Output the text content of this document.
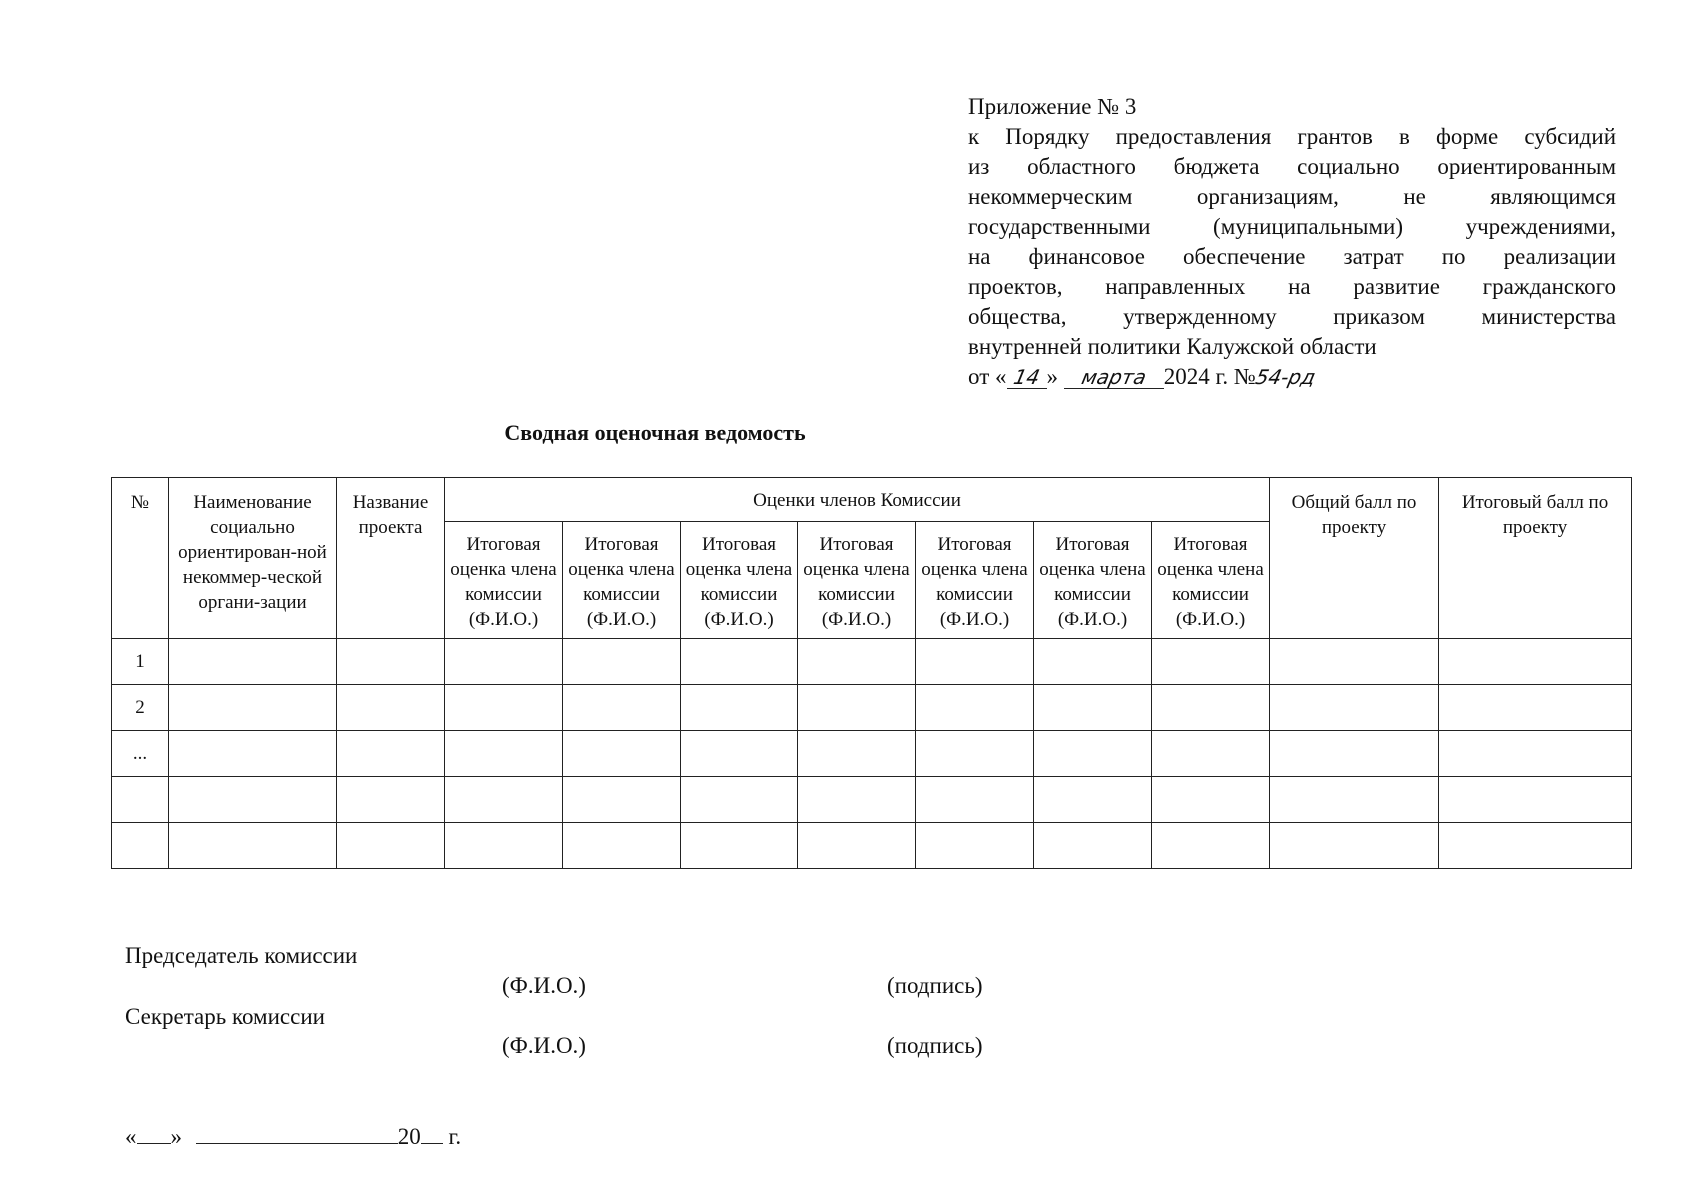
Приложение № 3
к Порядку предоставления грантов в форме субсидий
из областного бюджета социально ориентированным
некоммерческим организациям, не являющимся
государственными (муниципальными) учреждениями,
на финансовое обеспечение затрат по реализации
проектов, направленных на развитие гражданского
общества, утвержденному приказом министерства
внутренней политики Калужской области
от « 14 » марта 2024 г. №54-рд
Сводная оценочная ведомость
№	Наименование социально ориентирован-ной некоммер-ческой органи-зации	Название проекта	Оценки членов Комиссии							Общий балл по проекту	Итоговый балл по проекту
			Итоговая оценка члена комиссии (Ф.И.О.)	Итоговая оценка члена комиссии (Ф.И.О.)	Итоговая оценка члена комиссии (Ф.И.О.)	Итоговая оценка члена комиссии (Ф.И.О.)	Итоговая оценка члена комиссии (Ф.И.О.)	Итоговая оценка члена комиссии (Ф.И.О.)	Итоговая оценка члена комиссии (Ф.И.О.)		
1											
2											
...											

Председатель комиссии
(Ф.И.О.)	(подпись)
Секретарь комиссии
(Ф.И.О.)	(подпись)
« »	20 г.
